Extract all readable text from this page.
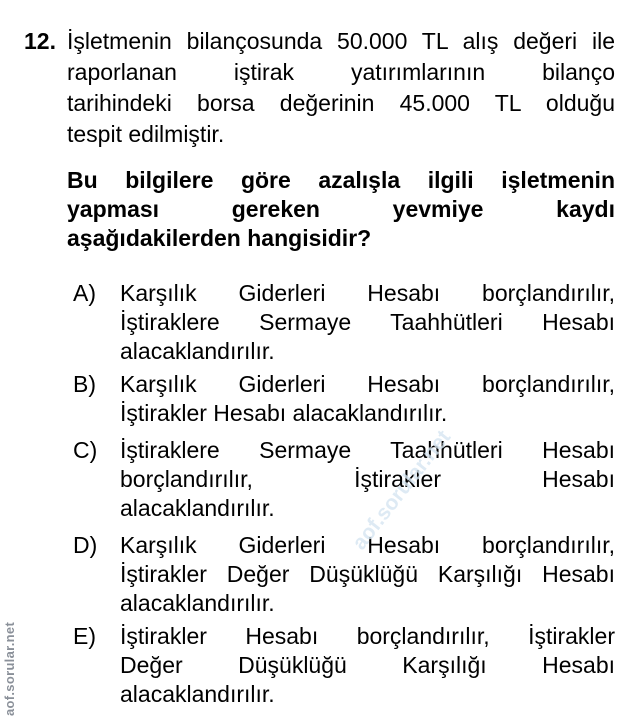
12. İşletmenin bilançosunda 50.000 TL alış değeri ile
raporlanan iştirak yatırımlarının bilanço
tarihindeki borsa değerinin 45.000 TL olduğu
tespit edilmiştir.
Bu bilgilere göre azalışla ilgili işletmenin
yapması gereken yevmiye kaydı
aşağıdakilerden hangisidir?
A)	Karşılık Giderleri Hesabı borçlandırılır,
İştiraklere Sermaye Taahhütleri Hesabı
alacaklandırılır.
B)	Karşılık Giderleri Hesabı borçlandırılır,
İştirakler Hesabı alacaklandırılır.
C) İştiraklere Sermaye Taahhütleri Hesabı
borçlandırılır, İştirakler Hesabı
alacaklandırılır.
D) Karşılık Giderleri Hesabı borçlandırılır,
İştirakler Değer Düşüklüğü Karşılığı Hesabı
alacaklandırılır.
E)	İştirakler Hesabı borçlandırılır, İştirakler
Değer Düşüklüğü Karşılığı Hesabı
alacaklandırılır.
aof.sorular.net
aof.sorular.net
